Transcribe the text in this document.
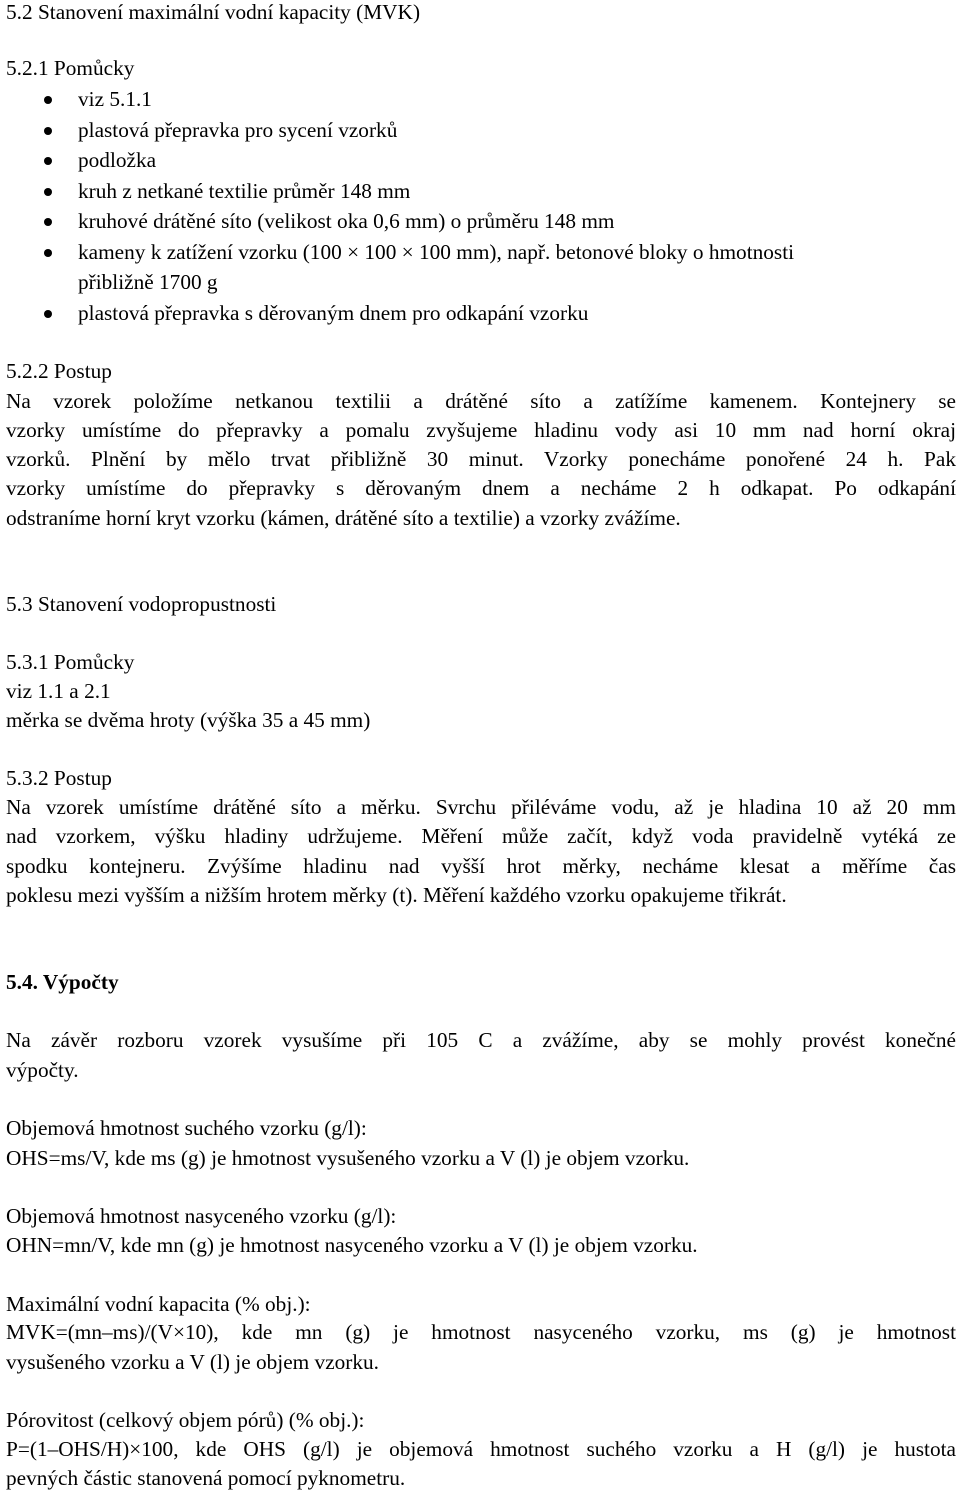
5.2 Stanovení maximální vodní kapacity (MVK)
5.2.1 Pomůcky
viz 5.1.1
plastová přepravka pro sycení vzorků
podložka
kruh z netkané textilie průměr 148 mm
kruhové drátěné síto (velikost oka 0,6 mm) o průměru 148 mm
kameny k zatížení vzorku (100 × 100 × 100 mm), např. betonové bloky o hmotnosti
přibližně 1700 g
plastová přepravka s děrovaným dnem pro odkapání vzorku
5.2.2 Postup
Na vzorek položíme netkanou textilii a drátěné síto a zatížíme kamenem. Kontejnery se
vzorky umístíme do přepravky a pomalu zvyšujeme hladinu vody asi 10 mm nad horní okraj
vzorků. Plnění by mělo trvat přibližně 30 minut. Vzorky ponecháme ponořené 24 h. Pak
vzorky umístíme do přepravky s děrovaným dnem a necháme 2 h odkapat. Po odkapání
odstraníme horní kryt vzorku (kámen, drátěné síto a textilie) a vzorky zvážíme.
5.3 Stanovení vodopropustnosti
5.3.1 Pomůcky
viz 1.1 a 2.1
měrka se dvěma hroty (výška 35 a 45 mm)
5.3.2 Postup
Na vzorek umístíme drátěné síto a měrku. Svrchu přiléváme vodu, až je hladina 10 až 20 mm
nad vzorkem, výšku hladiny udržujeme. Měření může začít, když voda pravidelně vytéká ze
spodku kontejneru. Zvýšíme hladinu nad vyšší hrot měrky, necháme klesat a měříme čas
poklesu mezi vyšším a nižším hrotem měrky (t). Měření každého vzorku opakujeme třikrát.
5.4. Výpočty
Na závěr rozboru vzorek vysušíme při 105 C a zvážíme, aby se mohly provést konečné
výpočty.
Objemová hmotnost suchého vzorku (g/l):
OHS=ms/V, kde ms (g) je hmotnost vysušeného vzorku a V (l) je objem vzorku.
Objemová hmotnost nasyceného vzorku (g/l):
OHN=mn/V, kde mn (g) je hmotnost nasyceného vzorku a V (l) je objem vzorku.
Maximální vodní kapacita (% obj.):
MVK=(mn–ms)/(V×10), kde mn (g) je hmotnost nasyceného vzorku, ms (g) je hmotnost
vysušeného vzorku a V (l) je objem vzorku.
Pórovitost (celkový objem pórů) (% obj.):
P=(1–OHS/H)×100, kde OHS (g/l) je objemová hmotnost suchého vzorku a H (g/l) je hustota
pevných částic stanovená pomocí pyknometru.
